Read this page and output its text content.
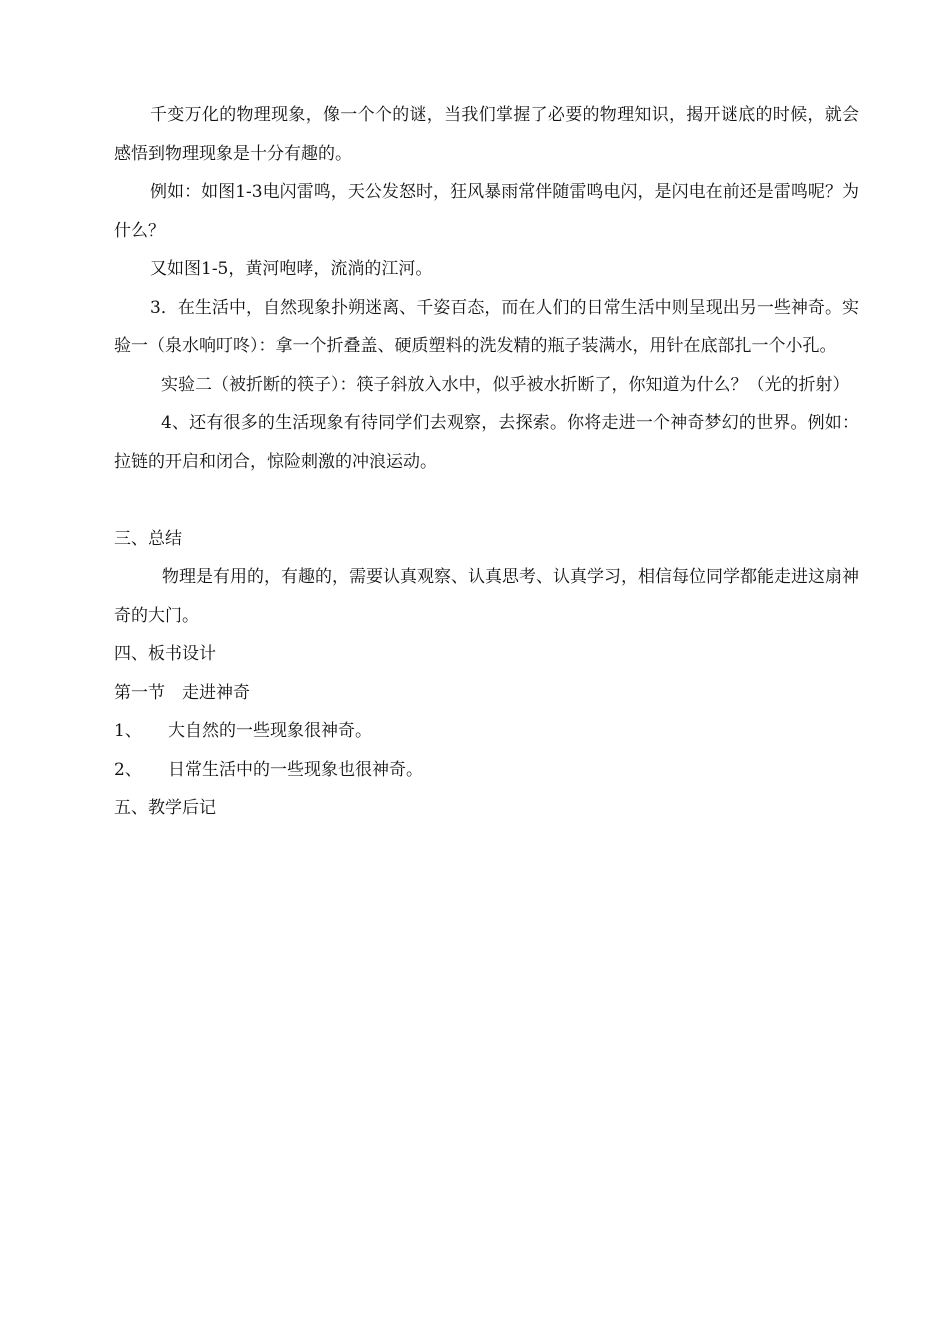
千变万化的物理现象，像一个个的谜，当我们掌握了必要的物理知识，揭开谜底的时候，就会感悟到物理现象是十分有趣的。

例如：如图1-3电闪雷鸣，天公发怒时，狂风暴雨常伴随雷鸣电闪，是闪电在前还是雷鸣呢？为什么？

又如图1-5，黄河咆哮，流淌的江河。

3．在生活中，自然现象扑朔迷离、千姿百态，而在人们的日常生活中则呈现出另一些神奇。实验一（泉水响叮咚）：拿一个折叠盖、硬质塑料的洗发精的瓶子装满水，用针在底部扎一个小孔。

实验二（被折断的筷子）：筷子斜放入水中，似乎被水折断了，你知道为什么？（光的折射）

4、还有很多的生活现象有待同学们去观察，去探索。你将走进一个神奇梦幻的世界。例如：拉链的开启和闭合，惊险刺激的冲浪运动。

三、总结

物理是有用的，有趣的，需要认真观察、认真思考、认真学习，相信每位同学都能走进这扇神奇的大门。

四、板书设计

第一节　走进神奇

1、 大自然的一些现象很神奇。

2、 日常生活中的一些现象也很神奇。

五、教学后记
